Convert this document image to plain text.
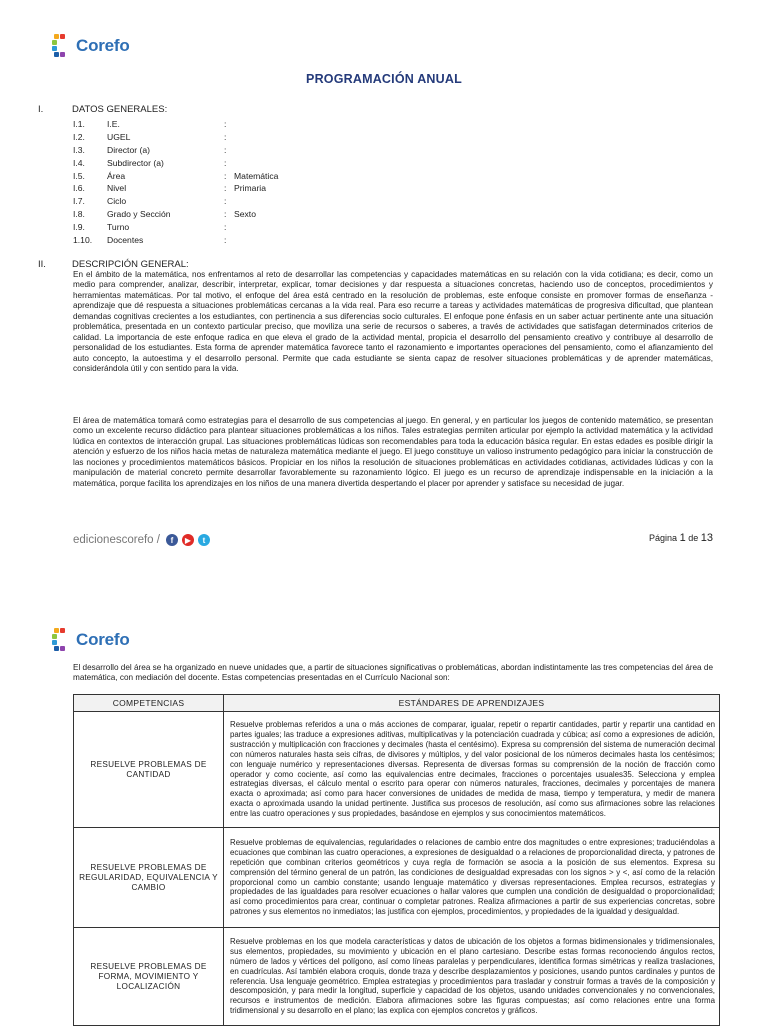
Corefo
PROGRAMACIÓN ANUAL
I.	DATOS GENERALES:
I.1.	I.E.	:
I.2.	UGEL	:
I.3.	Director (a)	:
I.4.	Subdirector (a)	:
I.5.	Área	: Matemática
I.6.	Nivel	: Primaria
I.7.	Ciclo	:
I.8.	Grado y Sección	: Sexto
I.9.	Turno	:
1.10.	Docentes	:
II.	DESCRIPCIÓN GENERAL:
En el ámbito de la matemática, nos enfrentamos al reto de desarrollar las competencias y capacidades matemáticas en su relación con la vida cotidiana; es decir, como un medio para comprender, analizar, describir, interpretar, explicar, tomar decisiones y dar respuesta a situaciones concretas, haciendo uso de conceptos, procedimientos y herramientas matemáticas. Por tal motivo, el enfoque del área está centrado en la resolución de problemas, este enfoque consiste en promover formas de enseñanza - aprendizaje que dé respuesta a situaciones problemáticas cercanas a la vida real. Para eso recurre a tareas y actividades matemáticas de progresiva dificultad, que plantean demandas cognitivas crecientes a los estudiantes, con pertinencia a sus diferencias socio culturales. El enfoque pone énfasis en un saber actuar pertinente ante una situación problemática, presentada en un contexto particular preciso, que moviliza una serie de recursos o saberes, a través de actividades que satisfagan determinados criterios de calidad. La importancia de este enfoque radica en que eleva el grado de la actividad mental, propicia el desarrollo del pensamiento creativo y contribuye al desarrollo de personalidad de los estudiantes. Esta forma de aprender matemática favorece tanto el razonamiento e importantes operaciones del pensamiento, como el afianzamiento del auto concepto, la autoestima y el desarrollo personal. Permite que cada estudiante se sienta capaz de resolver situaciones problemáticas y de aprender matemáticas, considerándola útil y con sentido para la vida.
El área de matemática tomará como estrategias para el desarrollo de sus competencias al juego. En general, y en particular los juegos de contenido matemático, se presentan como un excelente recurso didáctico para plantear situaciones problemáticas a los niños. Tales estrategias permiten articular por ejemplo la actividad matemática y la actividad lúdica en contextos de interacción grupal. Las situaciones problemáticas lúdicas son recomendables para toda la educación básica regular. En estas edades es posible dirigir la atención y esfuerzo de los niños hacia metas de naturaleza matemática mediante el juego. El juego constituye un valioso instrumento pedagógico para iniciar la construcción de las nociones y procedimientos matemáticos básicos. Propiciar en los niños la resolución de situaciones problemáticas en actividades cotidianas, actividades lúdicas y con la manipulación de material concreto permite desarrollar favorablemente su razonamiento lógico. El juego es un recurso de aprendizaje indispensable en la iniciación a la matemática, porque facilita los aprendizajes en los niños de una manera divertida despertando el placer por aprender y satisface su necesidad de jugar.
edicionescorefo /	f	▶	t	Página 1 de 13
Corefo
El desarrollo del área se ha organizado en nueve unidades que, a partir de situaciones significativas o problemáticas, abordan indistintamente las tres competencias del área de matemática, con mediación del docente. Estas competencias presentadas en el Currículo Nacional son:
COMPETENCIAS	ESTÁNDARES DE APRENDIZAJES
RESUELVE PROBLEMAS DE CANTIDAD	Resuelve problemas referidos a una o más acciones de comparar, igualar, repetir o repartir cantidades, partir y repartir una cantidad en partes iguales; las traduce a expresiones aditivas, multiplicativas y la potenciación cuadrada y cúbica; así como a expresiones de adición, sustracción y multiplicación con fracciones y decimales (hasta el centésimo). Expresa su comprensión del sistema de numeración decimal con números naturales hasta seis cifras, de divisores y múltiplos, y del valor posicional de los números decimales hasta los centésimos; con lenguaje numérico y representaciones diversas. Representa de diversas formas su comprensión de la noción de fracción como operador y como cociente, así como las equivalencias entre decimales, fracciones o porcentajes usuales35. Selecciona y emplea estrategias diversas, el cálculo mental o escrito para operar con números naturales, fracciones, decimales y porcentajes de manera exacta o aproximada; así como para hacer conversiones de unidades de medida de masa, tiempo y temperatura, y medir de manera exacta o aproximada usando la unidad pertinente. Justifica sus procesos de resolución, así como sus afirmaciones sobre las relaciones entre las cuatro operaciones y sus propiedades, basándose en ejemplos y sus conocimientos matemáticos.
RESUELVE PROBLEMAS DE REGULARIDAD, EQUIVALENCIA Y CAMBIO	Resuelve problemas de equivalencias, regularidades o relaciones de cambio entre dos magnitudes o entre expresiones; traduciéndolas a ecuaciones que combinan las cuatro operaciones, a expresiones de desigualdad o a relaciones de proporcionalidad directa, y patrones de repetición que combinan criterios geométricos y cuya regla de formación se asocia a la posición de sus elementos. Expresa su comprensión del término general de un patrón, las condiciones de desigualdad expresadas con los signos > y <, así como de la relación proporcional como un cambio constante; usando lenguaje matemático y diversas representaciones. Emplea recursos, estrategias y propiedades de las igualdades para resolver ecuaciones o hallar valores que cumplen una condición de desigualdad o proporcionalidad; así como procedimientos para crear, continuar o completar patrones. Realiza afirmaciones a partir de sus experiencias concretas, sobre patrones y sus elementos no inmediatos; las justifica con ejemplos, procedimientos, y propiedades de la igualdad y desigualdad.
RESUELVE PROBLEMAS DE FORMA, MOVIMIENTO Y LOCALIZACIÓN	Resuelve problemas en los que modela características y datos de ubicación de los objetos a formas bidimensionales y tridimensionales, sus elementos, propiedades, su movimiento y ubicación en el plano cartesiano. Describe estas formas reconociendo ángulos rectos, número de lados y vértices del polígono, así como líneas paralelas y perpendiculares, identifica formas simétricas y realiza traslaciones, en cuadrículas. Así también elabora croquis, donde traza y describe desplazamientos y posiciones, usando puntos cardinales y puntos de referencia. Usa lenguaje geométrico. Emplea estrategias y procedimientos para trasladar y construir formas a través de la composición y descomposición, y para medir la longitud, superficie y capacidad de los objetos, usando unidades convencionales y no convencionales, recursos e instrumentos de medición. Elabora afirmaciones sobre las figuras compuestas; así como relaciones entre una forma tridimensional y su desarrollo en el plano; las explica con ejemplos concretos y gráficos.
